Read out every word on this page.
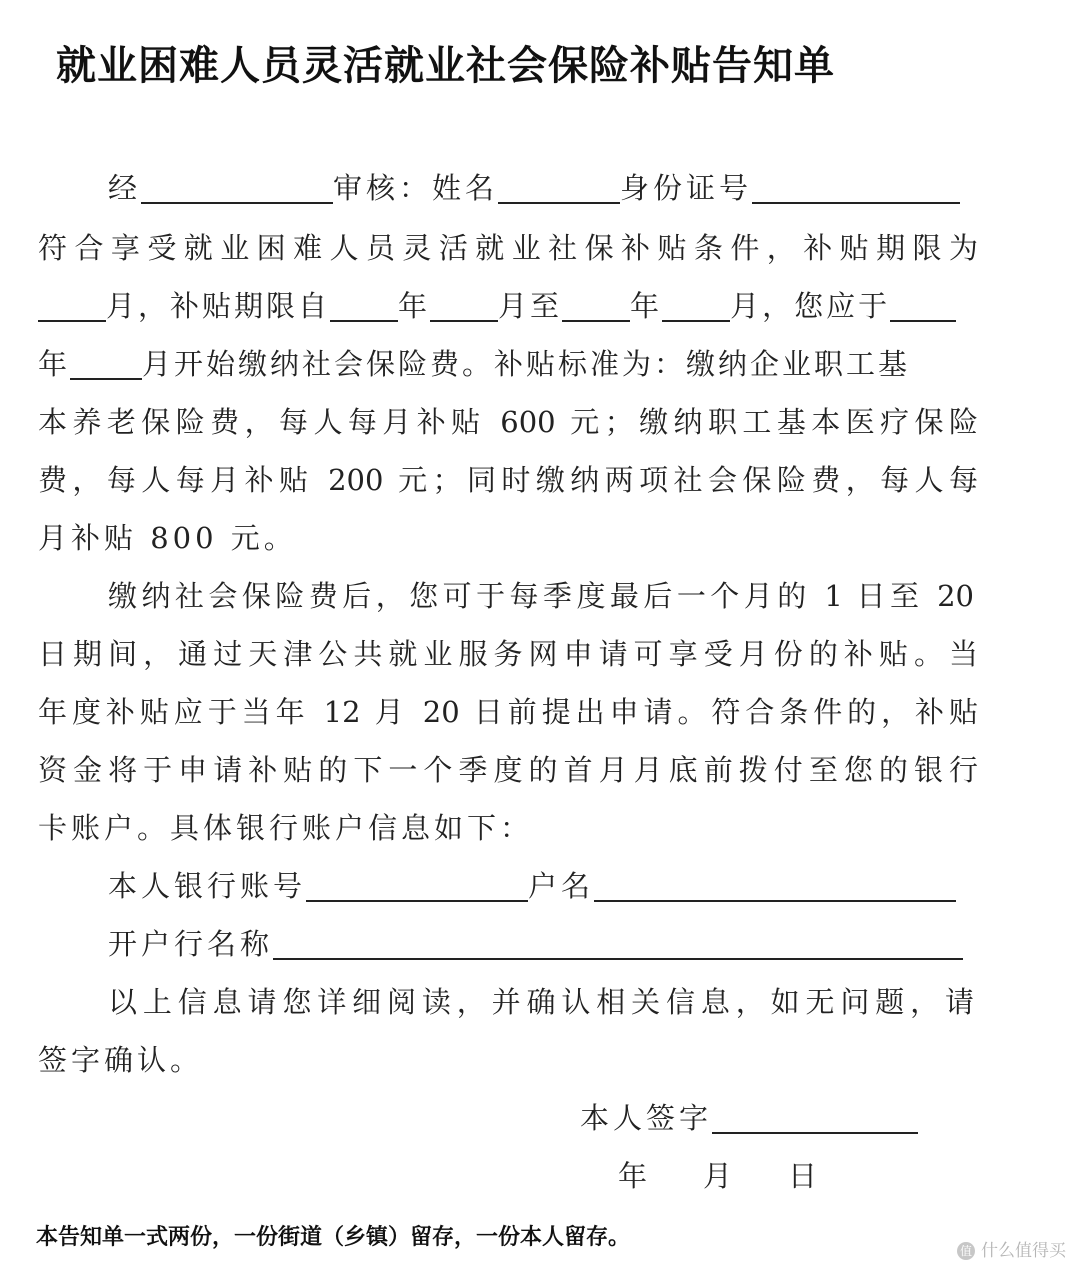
就业困难人员灵活就业社会保险补贴告知单
经	审核：姓名	身份证号
符合享受就业困难人员灵活就业社保补贴条件，补贴期限为
月，补贴期限自 年 月至 年 月，您应于
年 月开始缴纳社会保险费。补贴标准为：缴纳企业职工基
本养老保险费，每人每月补贴 600 元；缴纳职工基本医疗保险
费，每人每月补贴 200 元；同时缴纳两项社会保险费，每人每
月补贴 800 元。
缴纳社会保险费后，您可于每季度最后一个月的 1 日至 20
日期间，通过天津公共就业服务网申请可享受月份的补贴。当
年度补贴应于当年 12 月 20 日前提出申请。符合条件的，补贴
资金将于申请补贴的下一个季度的首月月底前拨付至您的银行
卡账户。具体银行账户信息如下：
本人银行账号	户名
开户行名称
以上信息请您详细阅读，并确认相关信息，如无问题，请
签字确认。
本人签字
年 月 日
本告知单一式两份，一份街道（乡镇）留存，一份本人留存。
值 什么值得买
